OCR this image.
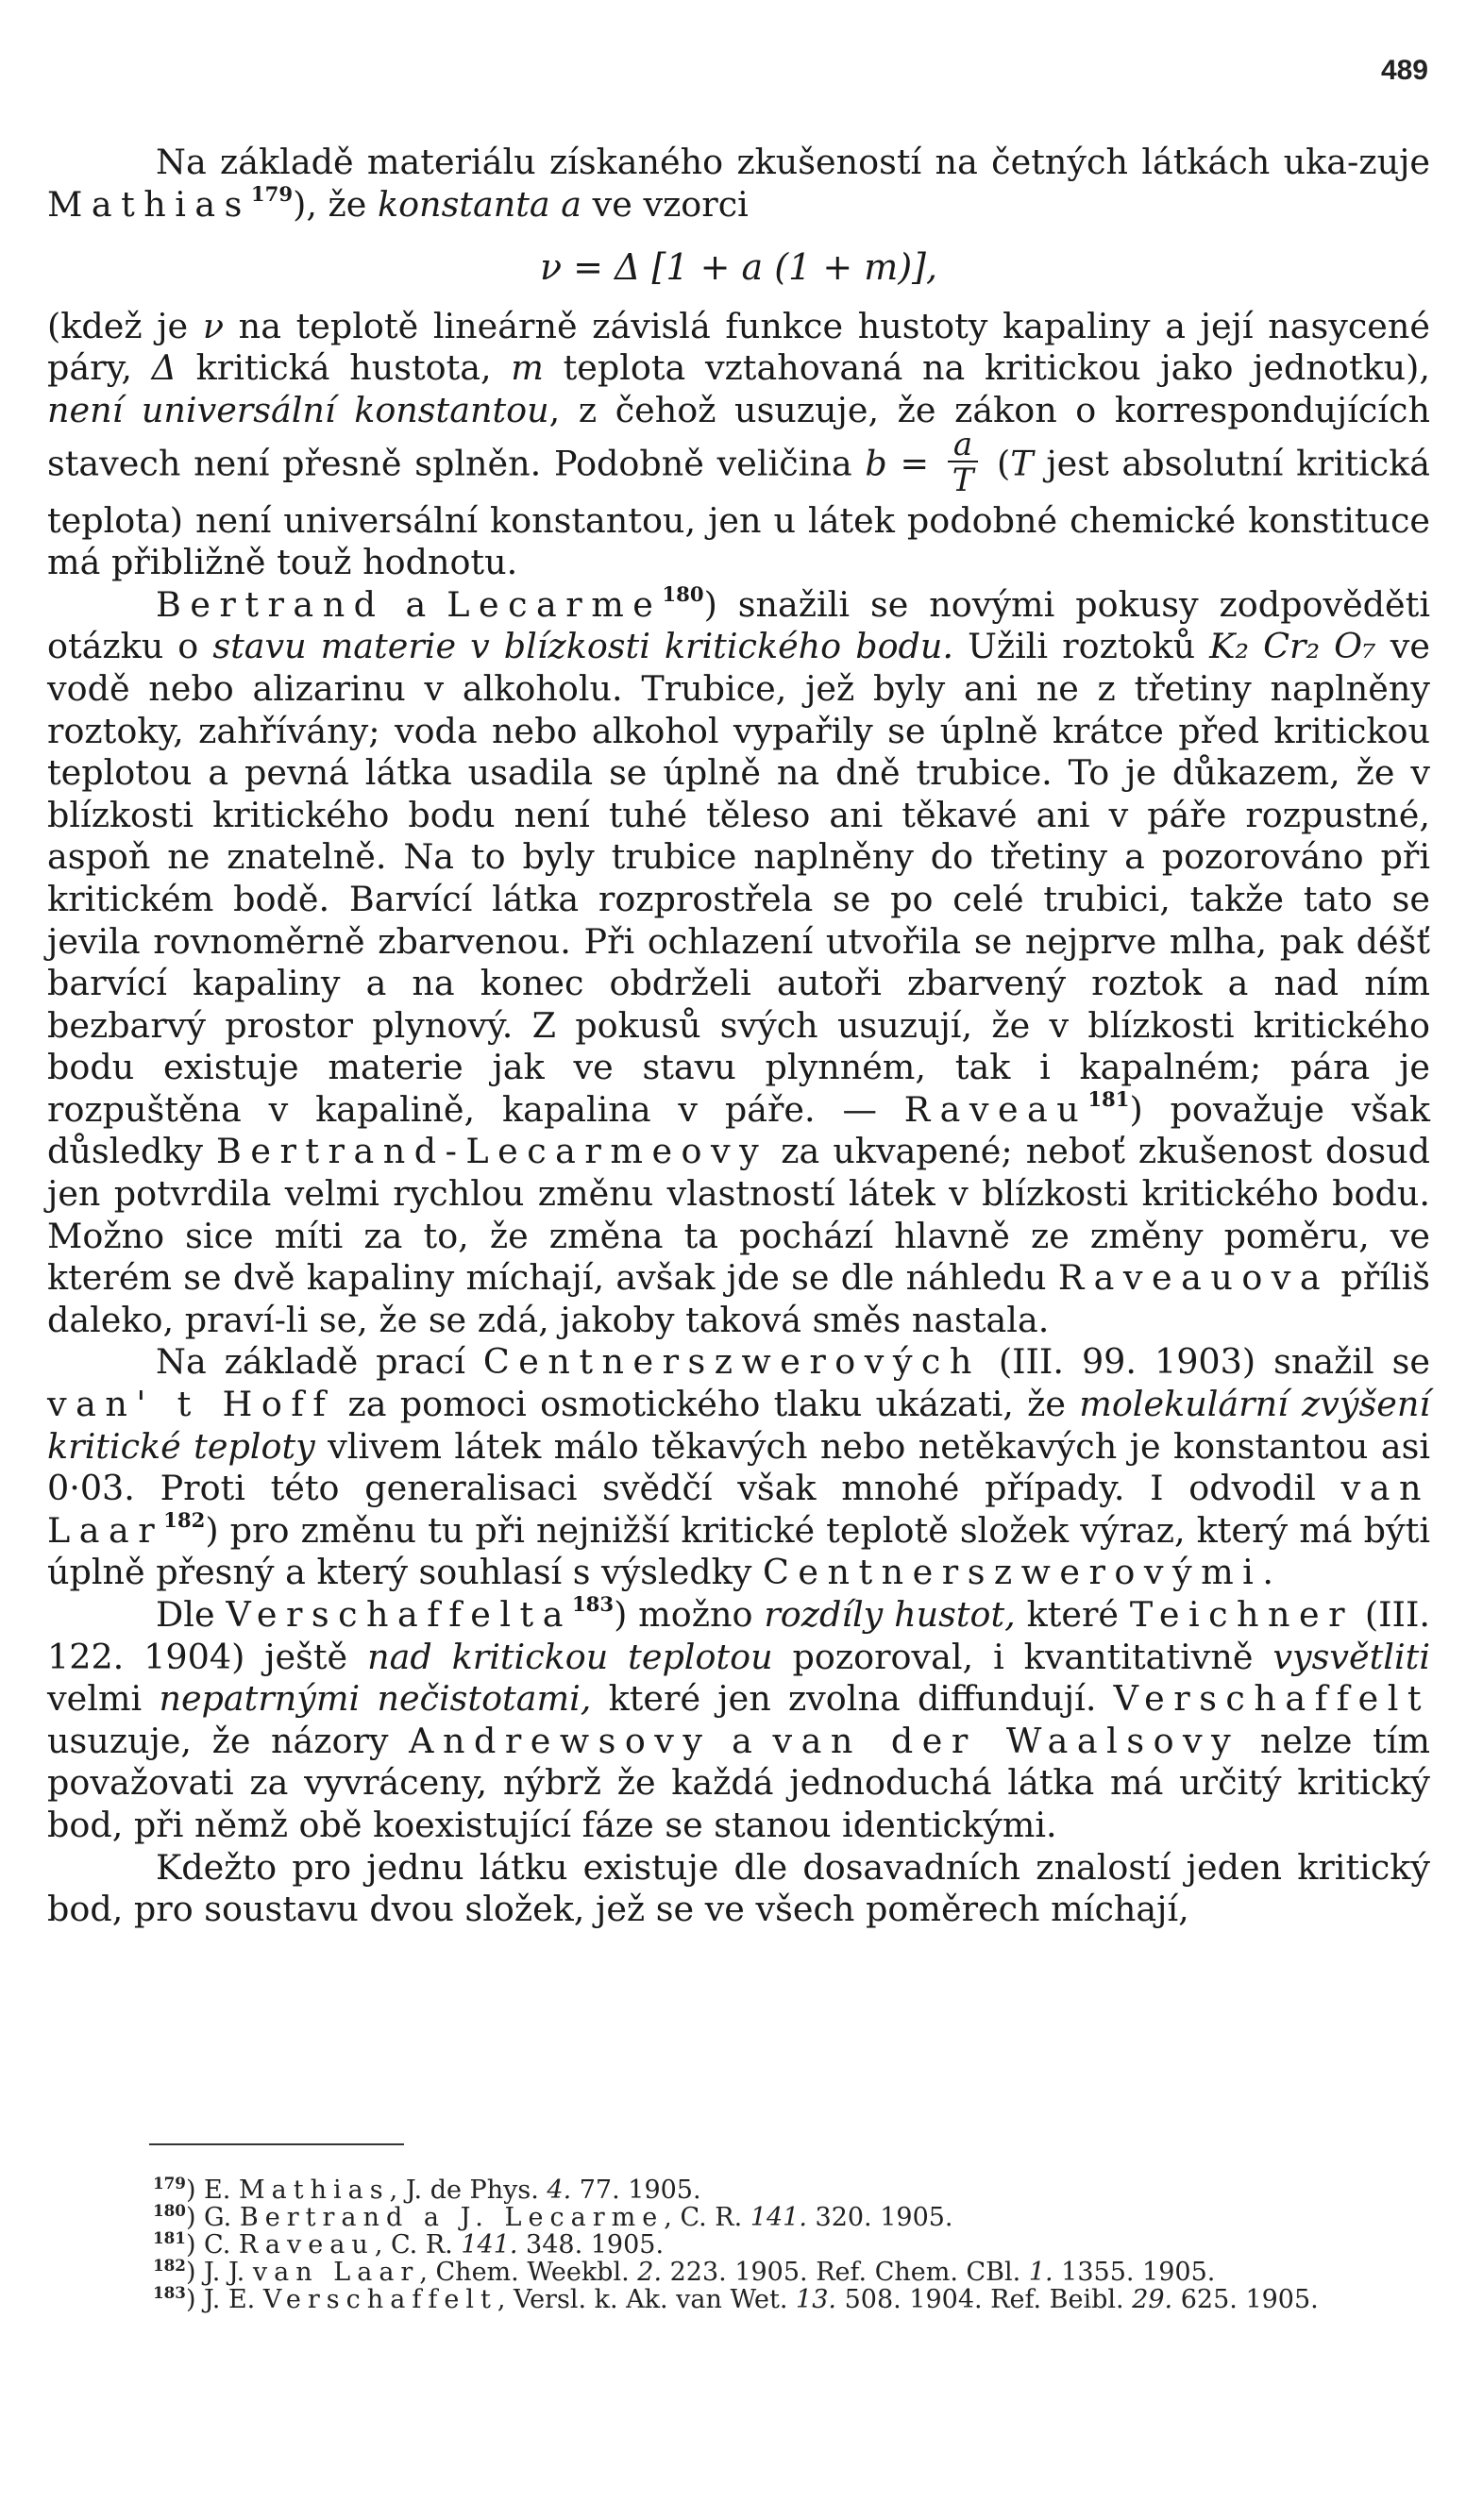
489

Na základě materiálu získaného zkušeností na četných látkách uka-zuje Mathias$^{179}$), že konstanta a ve vzorci

ν = Δ [1 + a (1 + m)],

(kdež je ν na teplotě lineárně závislá funkce hustoty kapaliny a její nasycené páry, Δ kritická hustota, m teplota vztahovaná na kritickou jako jednotku), není universální konstantou, z čehož usuzuje, že zákon o korrespondujících stavech není přesně splněn. Podobně veličina $b = \frac{a}{T} (T$ jest absolutní kritická teplota) není universální konstantou, jen u látek podobné chemické konstituce má přibližně touž hodnotu.

Bertrand a Lecarme$^{180}$) snažili se novými pokusy zodpověděti otázku o stavu materie v blízkosti kritického bodu. Užili roztoků K₂ Cr₂ O₇ ve vodě nebo alizarinu v alkoholu. Trubice, jež byly ani ne z třetiny naplněny roztoky, zahřívány; voda nebo alkohol vypařily se úplně krátce před kritickou teplotou a pevná látka usadila se úplně na dně trubice. To je důkazem, že v blízkosti kritického bodu není tuhé těleso ani těkavé ani v páře rozpustné, aspoň ne znatelně. Na to byly trubice naplněny do třetiny a pozorováno při kritickém bodě. Barvící látka rozprostřela se po celé trubici, takže tato se jevila rovnoměrně zbarvenou. Při ochlazení utvořila se nejprve mlha, pak déšť barvící kapaliny a na konec obdrželi autoři zbarvený roztok a nad ním bezbarvý prostor plynový. Z pokusů svých usuzují, že v blízkosti kritického bodu existuje materie jak ve stavu plynném, tak i kapalném; pára je rozpuštěna v kapalině, kapalina v páře. — Raveau$^{181}$) považuje však důsledky Bertrand-Lecarmeovy za ukvapené; neboť zkušenost dosud jen potvrdila velmi rychlou změnu vlastností látek v blízkosti kritického bodu. Možno sice míti za to, že změna ta pochází hlavně ze změny poměru, ve kterém se dvě kapaliny míchají, avšak jde se dle náhledu Raveauova příliš daleko, praví-li se, že se zdá, jakoby taková směs nastala.

Na základě prací Centnerszwerových (III. 99. 1903) snažil se van' t Hoff za pomoci osmotického tlaku ukázati, že molekulární zvýšení kritické teploty vlivem látek málo těkavých nebo netěkavých je konstantou asi 0·03. Proti této generalisaci svědčí však mnohé případy. I odvodil van Laar$^{182}$) pro změnu tu při nejnižší kritické teplotě složek výraz, který má býti úplně přesný a který souhlasí s výsledky Centnerszwerovými.

Dle Verschaffelta$^{183}$) možno rozdíly hustot, které Teichner (III. 122. 1904) ještě nad kritickou teplotou pozoroval, i kvantitativně vysvětliti velmi nepatrnými nečistotami, které jen zvolna diffundují. Verschaffelt usuzuje, že názory Andrewsovy a van der Waalsovy nelze tím považovati za vyvráceny, nýbrž že každá jednoduchá látka má určitý kritický bod, při němž obě koexistující fáze se stanou identickými.

Kdežto pro jednu látku existuje dle dosavadních znalostí jeden kritický bod, pro soustavu dvou složek, jež se ve všech poměrech míchají,

$^{179}$) E. Mathias, J. de Phys. 4. 77. 1905.

$^{180}$) G. Bertrand a J. Lecarme, C. R. 141. 320. 1905.

$^{181}$) C. Raveau, C. R. 141. 348. 1905.

$^{182}$) J. J. van Laar, Chem. Weekbl. 2. 223. 1905. Ref. Chem. CBl. 1. 1355. 1905.

$^{183}$) J. E. Verschaffelt, Versl. k. Ak. van Wet. 13. 508. 1904. Ref. Beibl. 29. 625. 1905.
